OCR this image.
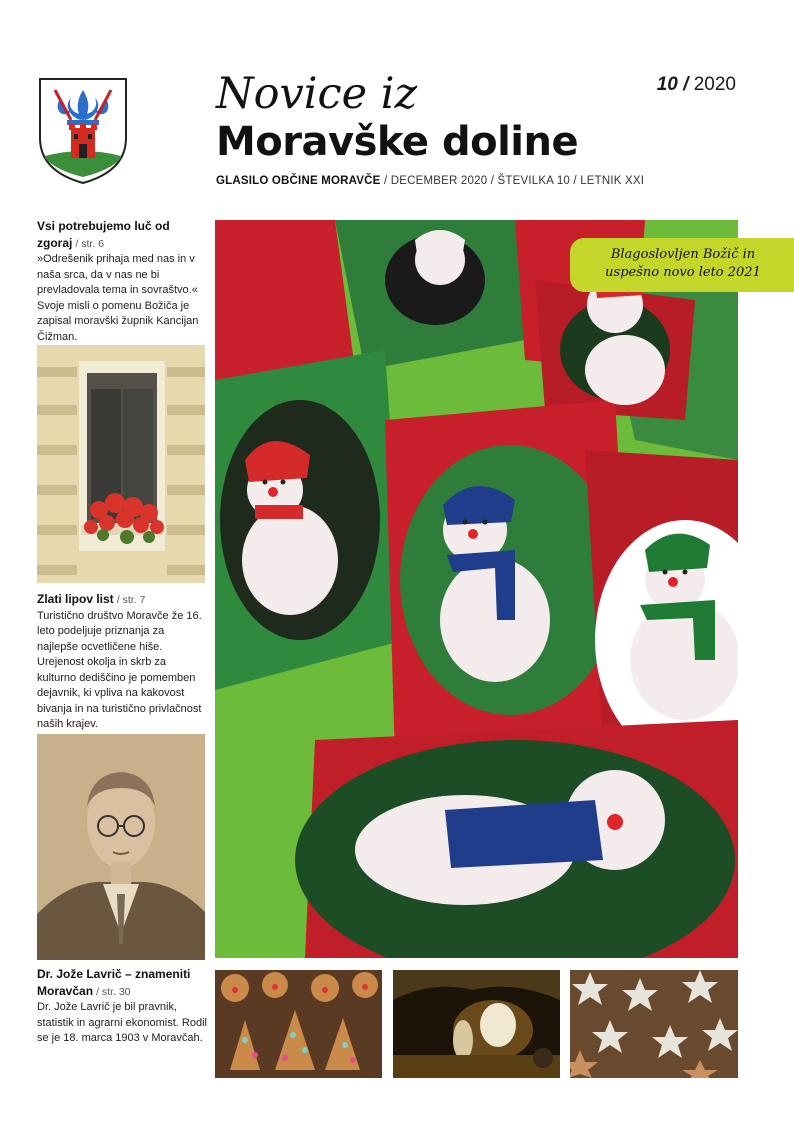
Novice iz
Moravške doline
10 / 2020
GLASILO OBČINE MORAVČE / DECEMBER 2020 / ŠTEVILKA 10 / LETNIK XXI
Vsi potrebujemo luč od zgoraj / str. 6
»Odrešenik prihaja med nas in v naša srca, da v nas ne bi prevladovala tema in sovraštvo.« Svoje misli o pomenu Božiča je zapisal moravški župnik Kancijan Čižman.
Zlati lipov list / str. 7
Turistično društvo Moravče že 16. leto podeljuje priznanja za najlepše ocvetličene hiše. Urejenost okolja in skrb za kulturno dediščino je pomemben dejavnik, ki vpliva na kakovost bivanja in na turistično privlačnost naših krajev.
Dr. Jože Lavrič – znameniti Moravčan / str. 30
Dr. Jože Lavrič je bil pravnik, statistik in agrarni ekonomist. Rodil se je 18. marca 1903 v Moravčah.
Blagoslovljen Božič in
uspešno novo leto 2021
